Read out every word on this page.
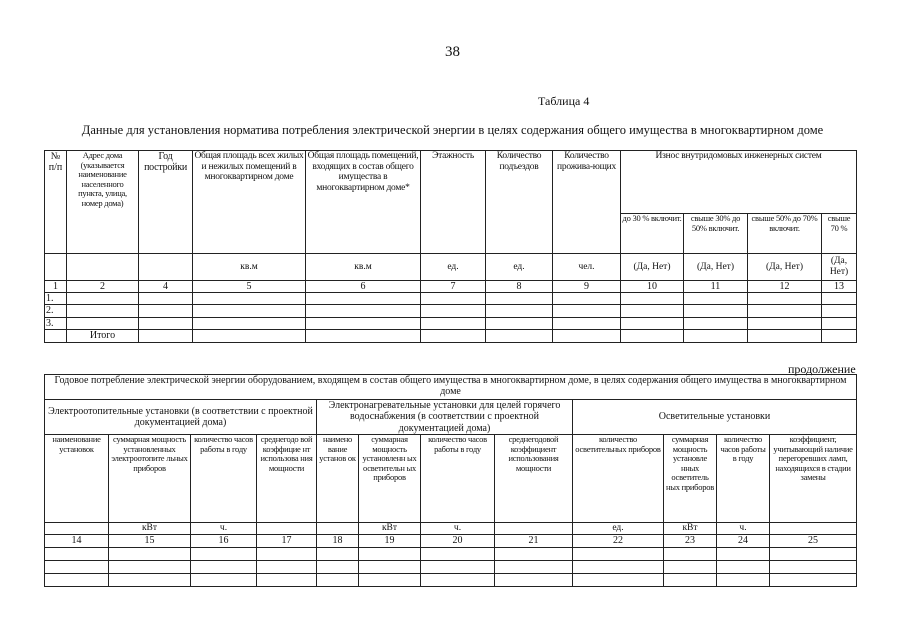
38
Таблица 4
Данные для установления норматива потребления электрической энергии в целях содержания общего имущества в многоквартирном доме
№ п/п	Адрес дома (указывается наименование населенного пункта, улица, номер дома)	Год постройки	Общая площадь всех жилых и нежилых помещений в многоквартирном доме	Общая площадь помещений, входящих в состав общего имущества в многоквартирном доме*	Этажность	Количество подъездов	Количество прожива-ющих	Износ внутридомовых инженерных систем			
								до 30 % включит.	свыше 30% до 50% включит.	свыше 50% до 70% включит.	свыше 70 %
			кв.м	кв.м	ед.	ед.	чел.	(Да, Нет)	(Да, Нет)	(Да, Нет)	(Да, Нет)
1	2	4	5	6	7	8	9	10	11	12	13
1.											
2.											
3.											
	Итого										
продолжение
Годовое потребление электрической энергии оборудованием, входящем в состав общего имущества в многоквартирном доме, в целях содержания общего имущества в многоквартирном доме											
Электроотопительные установки (в соответствии с проектной документацией дома)				Электронагревательные установки для целей горячего водоснабжения (в соответствии с проектной документацией дома)				Осветительные установки			
наименование установок	суммарная мощность установленных электроотопите льных приборов	количество часов работы в году	среднегодо вой коэффицие нт использова ния мощности	наимено вание установ ок	суммарная мощность установленн ых осветительн ых приборов	количество часов работы в году	среднегодовой коэффициент использования мощности	количество осветительных приборов	суммарная мощность установле нных осветитель ных приборов	количество часов работы в году	коэффициент, учитывающий наличие перегоревших ламп, находящихся в стадии замены
	кВт	ч.			кВт	ч.		ед.	кВт	ч.	
14	15	16	17	18	19	20	21	22	23	24	25
